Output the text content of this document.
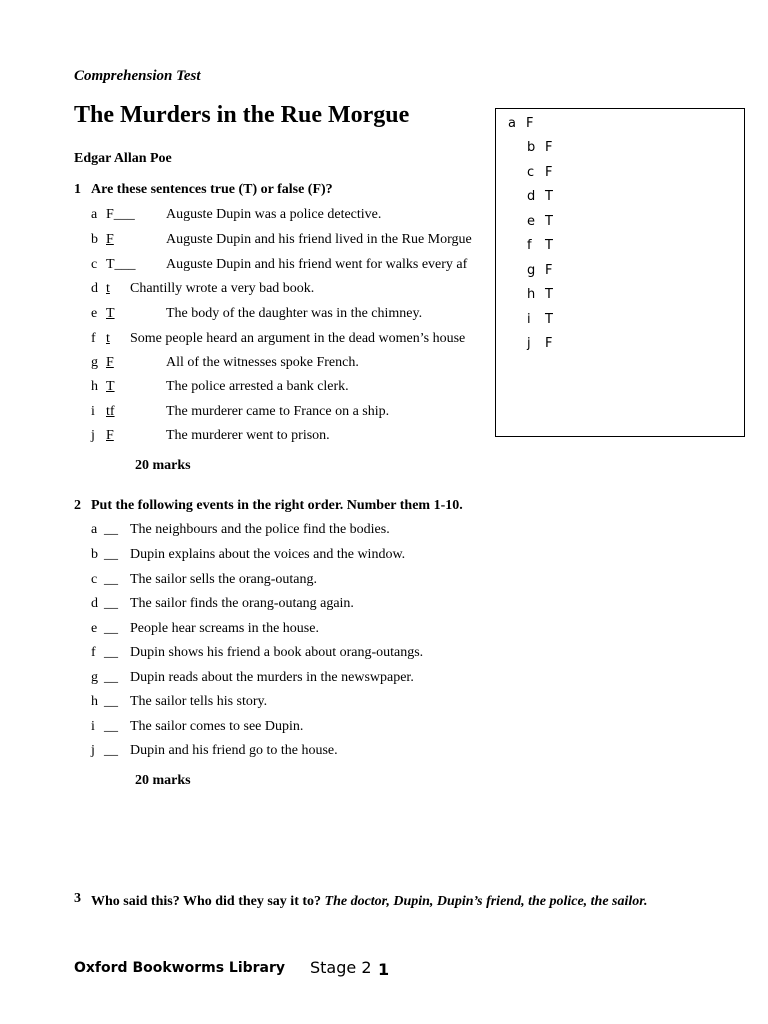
Comprehension Test
The Murders in the Rue Morgue
Edgar Allan Poe
1 Are these sentences true (T) or false (F)?
a F___ Auguste Dupin was a police detective.
b F	Auguste Dupin and his friend lived in the Rue Morgue
c T___ Auguste Dupin and his friend went for walks every af
d t Chantilly wrote a very bad book.
e T	The body of the daughter was in the chimney.
f t Some people heard an argument in the dead women’s house
g F	All of the witnesses spoke French.
h T	The police arrested a bank clerk.
i tf	The murderer came to France on a ship.
j F	The murderer went to prison.
20 marks
a F
b F
c F
d T
e T
f T
g F
h T
i T
j F
2 Put the following events in the right order. Number them 1-10.
a __ The neighbours and the police find the bodies.
b __ Dupin explains about the voices and the window.
c __ The sailor sells the orang-outang.
d __ The sailor finds the orang-outang again.
e __ People hear screams in the house.
f __ Dupin shows his friend a book about orang-outangs.
g __ Dupin reads about the murders in the newswpaper.
h __ The sailor tells his story.
i __ The sailor comes to see Dupin.
j __ Dupin and his friend go to the house.
20 marks
3 Who said this? Who did they say it to? The doctor, Dupin, Dupin’s friend, the police, the sailor.
Oxford Bookworms Library Stage 2 1
